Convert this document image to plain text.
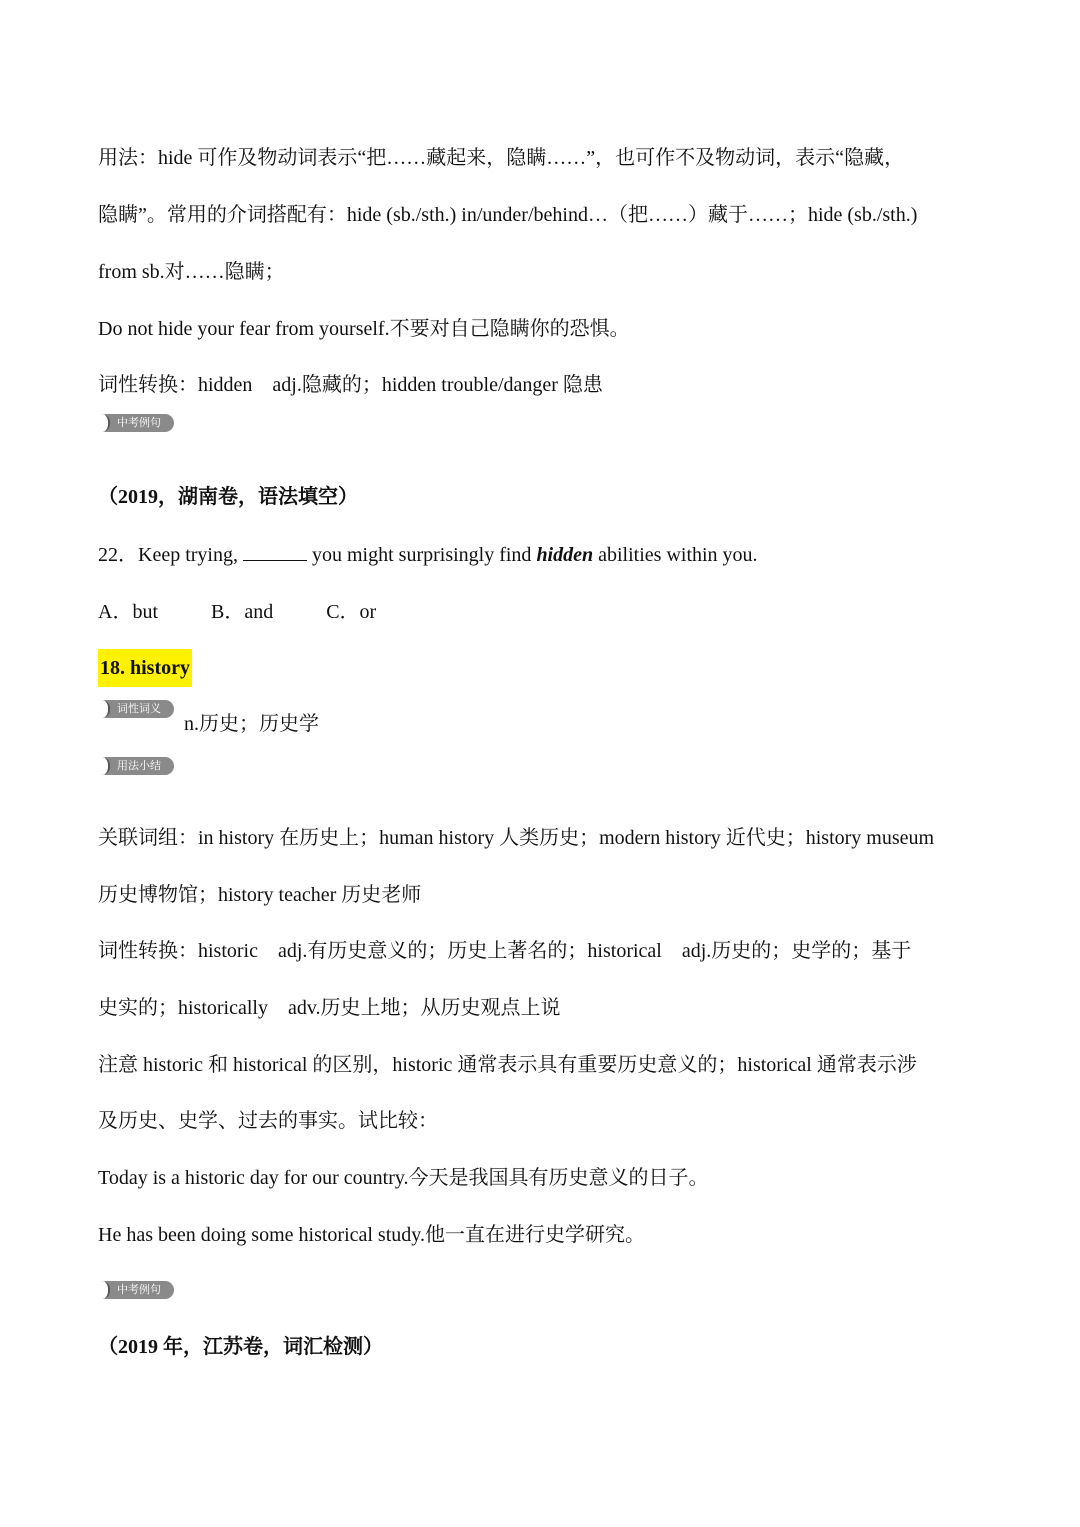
用法：hide 可作及物动词表示“把……藏起来，隐瞒……”，也可作不及物动词，表示“隐藏，
隐瞒”。常用的介词搭配有：hide (sb./sth.) in/under/behind…（把……）藏于……；hide (sb./sth.)
from sb.对……隐瞒；
Do not hide your fear from yourself.不要对自己隐瞒你的恐惧。
词性转换：hidden　adj.隐藏的；hidden trouble/danger 隐患
中考例句
（2019，湖南卷，语法填空）
22．Keep trying,	you might surprisingly find hidden abilities within you.
A．but	B．and	C．or
18. history
词性词义
n.历史；历史学
用法小结
关联词组：in history 在历史上；human history 人类历史；modern history 近代史；history museum
历史博物馆；history teacher 历史老师
词性转换：historic　adj.有历史意义的；历史上著名的；historical　adj.历史的；史学的；基于
史实的；historically　adv.历史上地；从历史观点上说
注意 historic 和 historical 的区别，historic 通常表示具有重要历史意义的；historical 通常表示涉
及历史、史学、过去的事实。试比较：
Today is a historic day for our country.今天是我国具有历史意义的日子。
He has been doing some historical study.他一直在进行史学研究。
中考例句
（2019 年，江苏卷，词汇检测）
